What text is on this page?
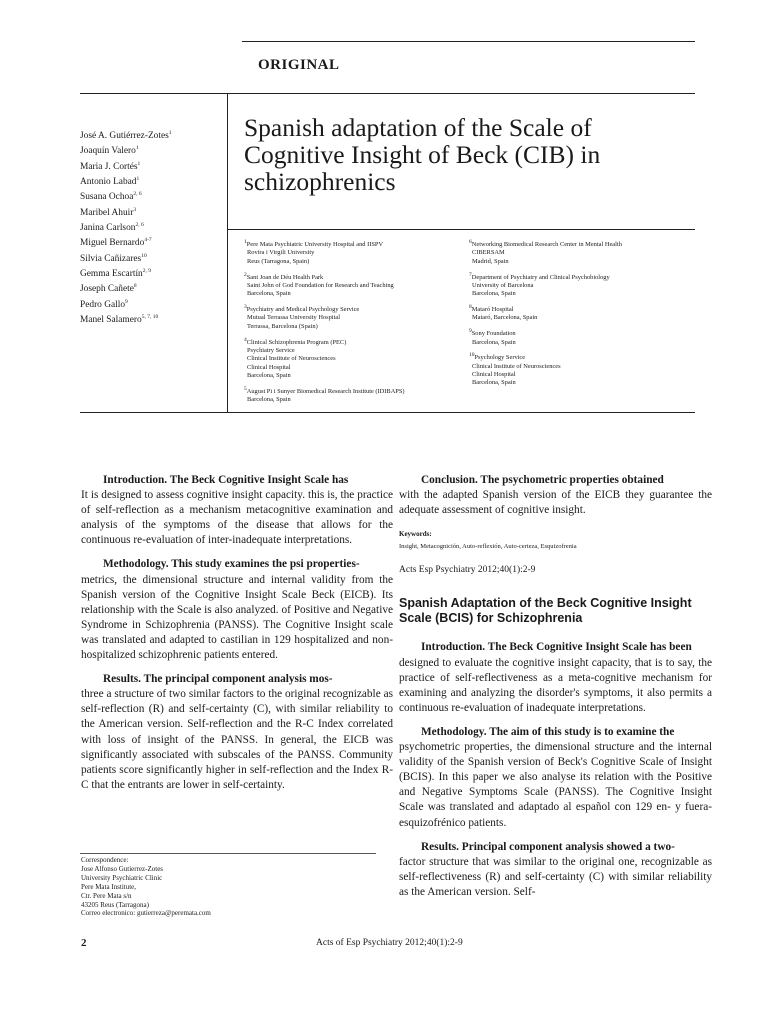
ORIGINAL
José A. Gutiérrez-Zotes$^1$
Joaquín Valero$^1$
Maria J. Cortés$^1$
Antonio Labad$^1$
Susana Ochoa$^{2, 6}$
Maribel Ahuir$^3$
Janina Carlson$^{2, 6}$
Miguel Bernardo$^{4-7}$
Silvia Cañizares$^{10}$
Gemma Escartín$^{2, 9}$
Joseph Cañete$^8$
Pedro Gallo$^9$
Manel Salamero$^{5, 7, 10}$
Spanish adaptation of the Scale of Cognitive Insight of Beck (CIB) in schizophrenics
$^1$Pere Mata Psychiatric University Hospital and IISPV
Rovira i Virgili University
Reus (Tarragona, Spain)
$^2$Sant Joan de Déu Health Park
Saint John of God Foundation for Research and Teaching
Barcelona, Spain
$^3$Psychiatry and Medical Psychology Service
Mutual Terrassa University Hospital
Terrassa, Barcelona (Spain)
$^4$Clinical Schizophrenia Program (PEC)
Psychiatry Service
Clinical Institute of Neurosciences
Clinical Hospital
Barcelona, Spain
$^5$August Pi i Sunyer Biomedical Research Institute (IDIBAPS)
Barcelona, Spain
$^6$Networking Biomedical Research Center in Mental Health
CIBERSAM
Madrid, Spain
$^7$Department of Psychiatry and Clinical Psychobiology
University of Barcelona
Barcelona, Spain
$^8$Mataró Hospital
Mataró, Barcelona, Spain
$^9$Sony Foundation
Barcelona, Spain
$^{10}$Psychology Service
Clinical Institute of Neurosciences
Clinical Hospital
Barcelona, Spain

Introduction. The Beck Cognitive Insight Scale has
It is designed to assess cognitive insight capacity. this is, the practice of self-reflection as a mechanism metacognitive examination and analysis of the symptoms of the disease that allows for the continuous re-evaluation of inter-inadequate interpretations.

Methodology. This study examines the psi properties-
metrics, the dimensional structure and internal validity from the Spanish version of the Cognitive Insight Scale Beck (EICB). Its relationship with the Scale is also analyzed. of Positive and Negative Syndrome in Schizophrenia (PANSS). The Cognitive Insight scale was translated and adapted to castilian in 129 hospitalized and non-hospitalized schizophrenic patients entered.

Results. The principal component analysis mos-
three a structure of two similar factors to the original recognizable as self-reflection (R) and self-certainty (C), with similar reliability to the American version. Self-reflection and the R-C Index correlated with loss of insight of the PANSS. In general, the EICB was significantly associated with subscales of the PANSS. Community patients score significantly higher in self-reflection and the Index R-C that the entrants are lower in self-certainty.

Conclusion. The psychometric properties obtained
with the adapted Spanish version of the EICB they guarantee the adequate assessment of cognitive insight.

Keywords:
Insight, Metacognición, Auto-reflexión, Auto-certeza, Esquizofrenia
Acts Esp Psychiatry 2012;40(1):2-9
Spanish Adaptation of the Beck Cognitive Insight Scale (BCIS) for Schizophrenia

Introduction. The Beck Cognitive Insight Scale has been
designed to evaluate the cognitive insight capacity, that is to say, the practice of self-reflectiveness as a meta-cognitive mechanism for examining and analyzing the disorder's symptoms, it also permits a continuous re-evaluation of inadequate interpretations.

Methodology. The aim of this study is to examine the
psychometric properties, the dimensional structure and the internal validity of the Spanish version of Beck's Cognitive Scale of Insight (BCIS). In this paper we also analyse its relation with the Positive and Negative Symptoms Scale (PANSS). The Cognitive Insight Scale was translated and adaptado al español con 129 en- y fuera-esquizofrénico patients.

Results. Principal component analysis showed a two-
factor structure that was similar to the original one, recognizable as self-reflectiveness (R) and self-certainty (C) with similar reliability as the American version. Self-

Correspondence:
Jose Alfonso Gutierrez-Zotes
University Psychiatric Clinic
Pere Mata Institute,
Ctr. Pere Mata s/n
43205 Reus (Tarragona)
Correo electronico: gutierreza@peremata.com
2	Acts of Esp Psychiatry 2012;40(1):2-9
